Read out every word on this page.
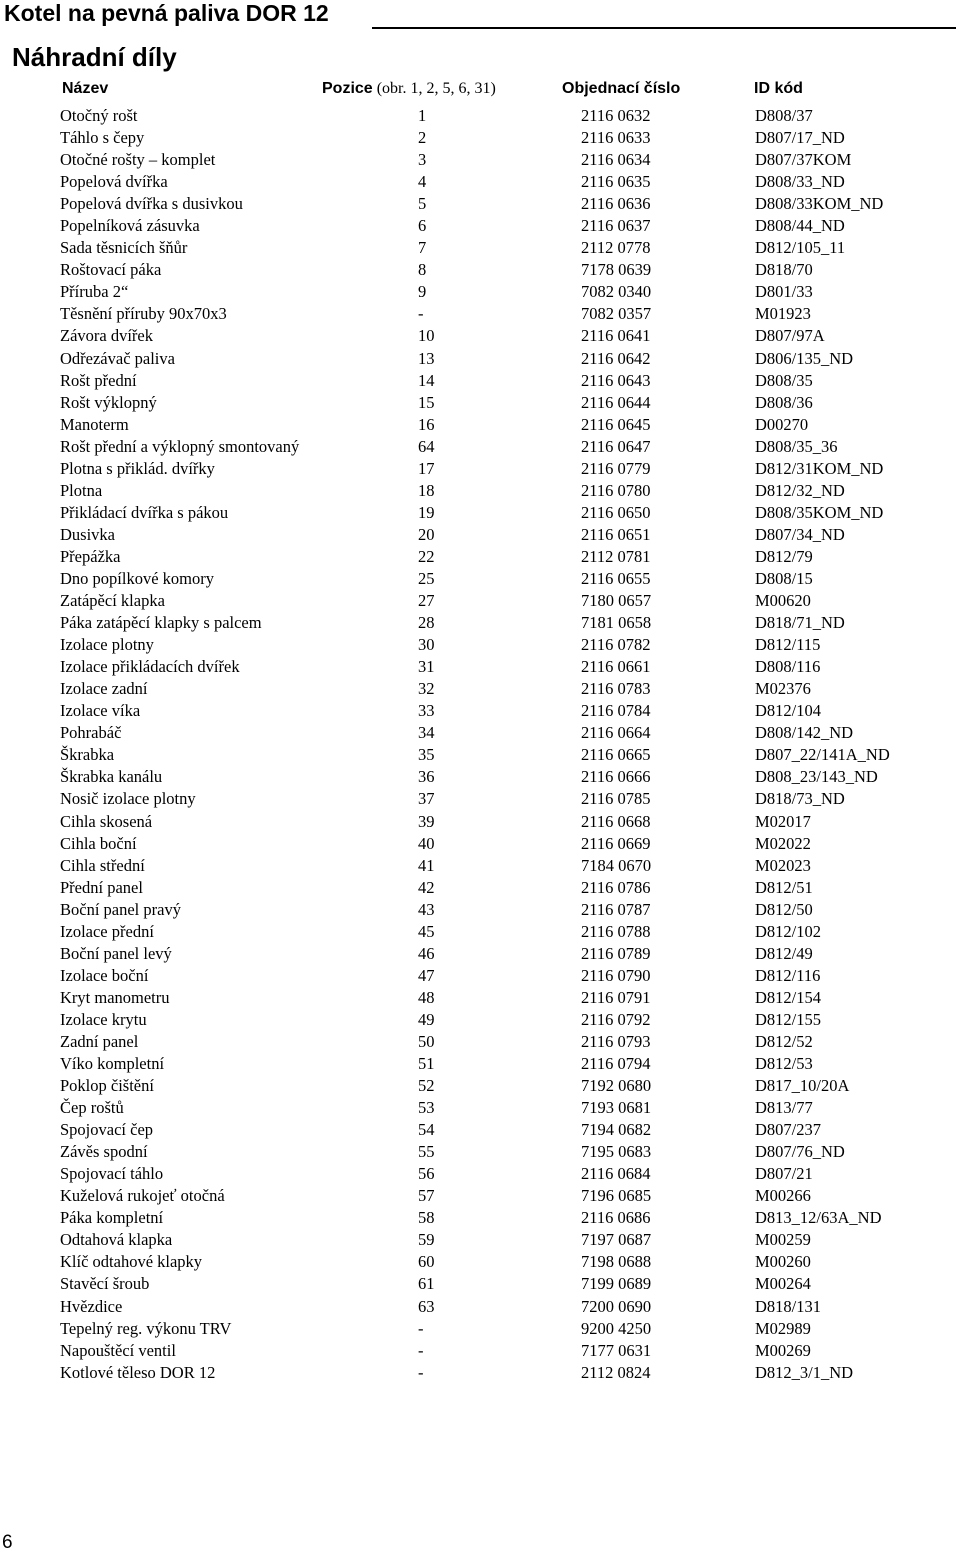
Kotel na pevná paliva DOR 12
Náhradní díly
Název	Pozice (obr. 1, 2, 5, 6, 31)	Objednací číslo	ID kód
Otočný rošt	1	2116 0632	D808/37
Táhlo s čepy	2	2116 0633	D807/17_ND
Otočné rošty – komplet	3	2116 0634	D807/37KOM
Popelová dvířka	4	2116 0635	D808/33_ND
Popelová dvířka s dusivkou	5	2116 0636	D808/33KOM_ND
Popelníková zásuvka	6	2116 0637	D808/44_ND
Sada těsnicích šňůr	7	2112 0778	D812/105_11
Roštovací páka	8	7178 0639	D818/70
Příruba 2“	9	7082 0340	D801/33
Těsnění příruby 90x70x3	-	7082 0357	M01923
Závora dvířek	10	2116 0641	D807/97A
Odřezávač paliva	13	2116 0642	D806/135_ND
Rošt přední	14	2116 0643	D808/35
Rošt výklopný	15	2116 0644	D808/36
Manoterm	16	2116 0645	D00270
Rošt přední a výklopný smontovaný	64	2116 0647	D808/35_36
Plotna s přiklád. dvířky	17	2116 0779	D812/31KOM_ND
Plotna	18	2116 0780	D812/32_ND
Přikládací dvířka s pákou	19	2116 0650	D808/35KOM_ND
Dusivka	20	2116 0651	D807/34_ND
Přepážka	22	2112 0781	D812/79
Dno popílkové komory	25	2116 0655	D808/15
Zatápěcí klapka	27	7180 0657	M00620
Páka zatápěcí klapky s palcem	28	7181 0658	D818/71_ND
Izolace plotny	30	2116 0782	D812/115
Izolace přikládacích dvířek	31	2116 0661	D808/116
Izolace zadní	32	2116 0783	M02376
Izolace víka	33	2116 0784	D812/104
Pohrabáč	34	2116 0664	D808/142_ND
Škrabka	35	2116 0665	D807_22/141A_ND
Škrabka kanálu	36	2116 0666	D808_23/143_ND
Nosič izolace plotny	37	2116 0785	D818/73_ND
Cihla skosená	39	2116 0668	M02017
Cihla boční	40	2116 0669	M02022
Cihla střední	41	7184 0670	M02023
Přední panel	42	2116 0786	D812/51
Boční panel pravý	43	2116 0787	D812/50
Izolace přední	45	2116 0788	D812/102
Boční panel levý	46	2116 0789	D812/49
Izolace boční	47	2116 0790	D812/116
Kryt manometru	48	2116 0791	D812/154
Izolace krytu	49	2116 0792	D812/155
Zadní panel	50	2116 0793	D812/52
Víko kompletní	51	2116 0794	D812/53
Poklop čištění	52	7192 0680	D817_10/20A
Čep roštů	53	7193 0681	D813/77
Spojovací čep	54	7194 0682	D807/237
Závěs spodní	55	7195 0683	D807/76_ND
Spojovací táhlo	56	2116 0684	D807/21
Kuželová rukojeť otočná	57	7196 0685	M00266
Páka kompletní	58	2116 0686	D813_12/63A_ND
Odtahová klapka	59	7197 0687	M00259
Klíč odtahové klapky	60	7198 0688	M00260
Stavěcí šroub	61	7199 0689	M00264
Hvězdice	63	7200 0690	D818/131
Tepelný reg. výkonu TRV	-	9200 4250	M02989
Napouštěcí ventil	-	7177 0631	M00269
Kotlové těleso DOR 12	-	2112 0824	D812_3/1_ND
6
